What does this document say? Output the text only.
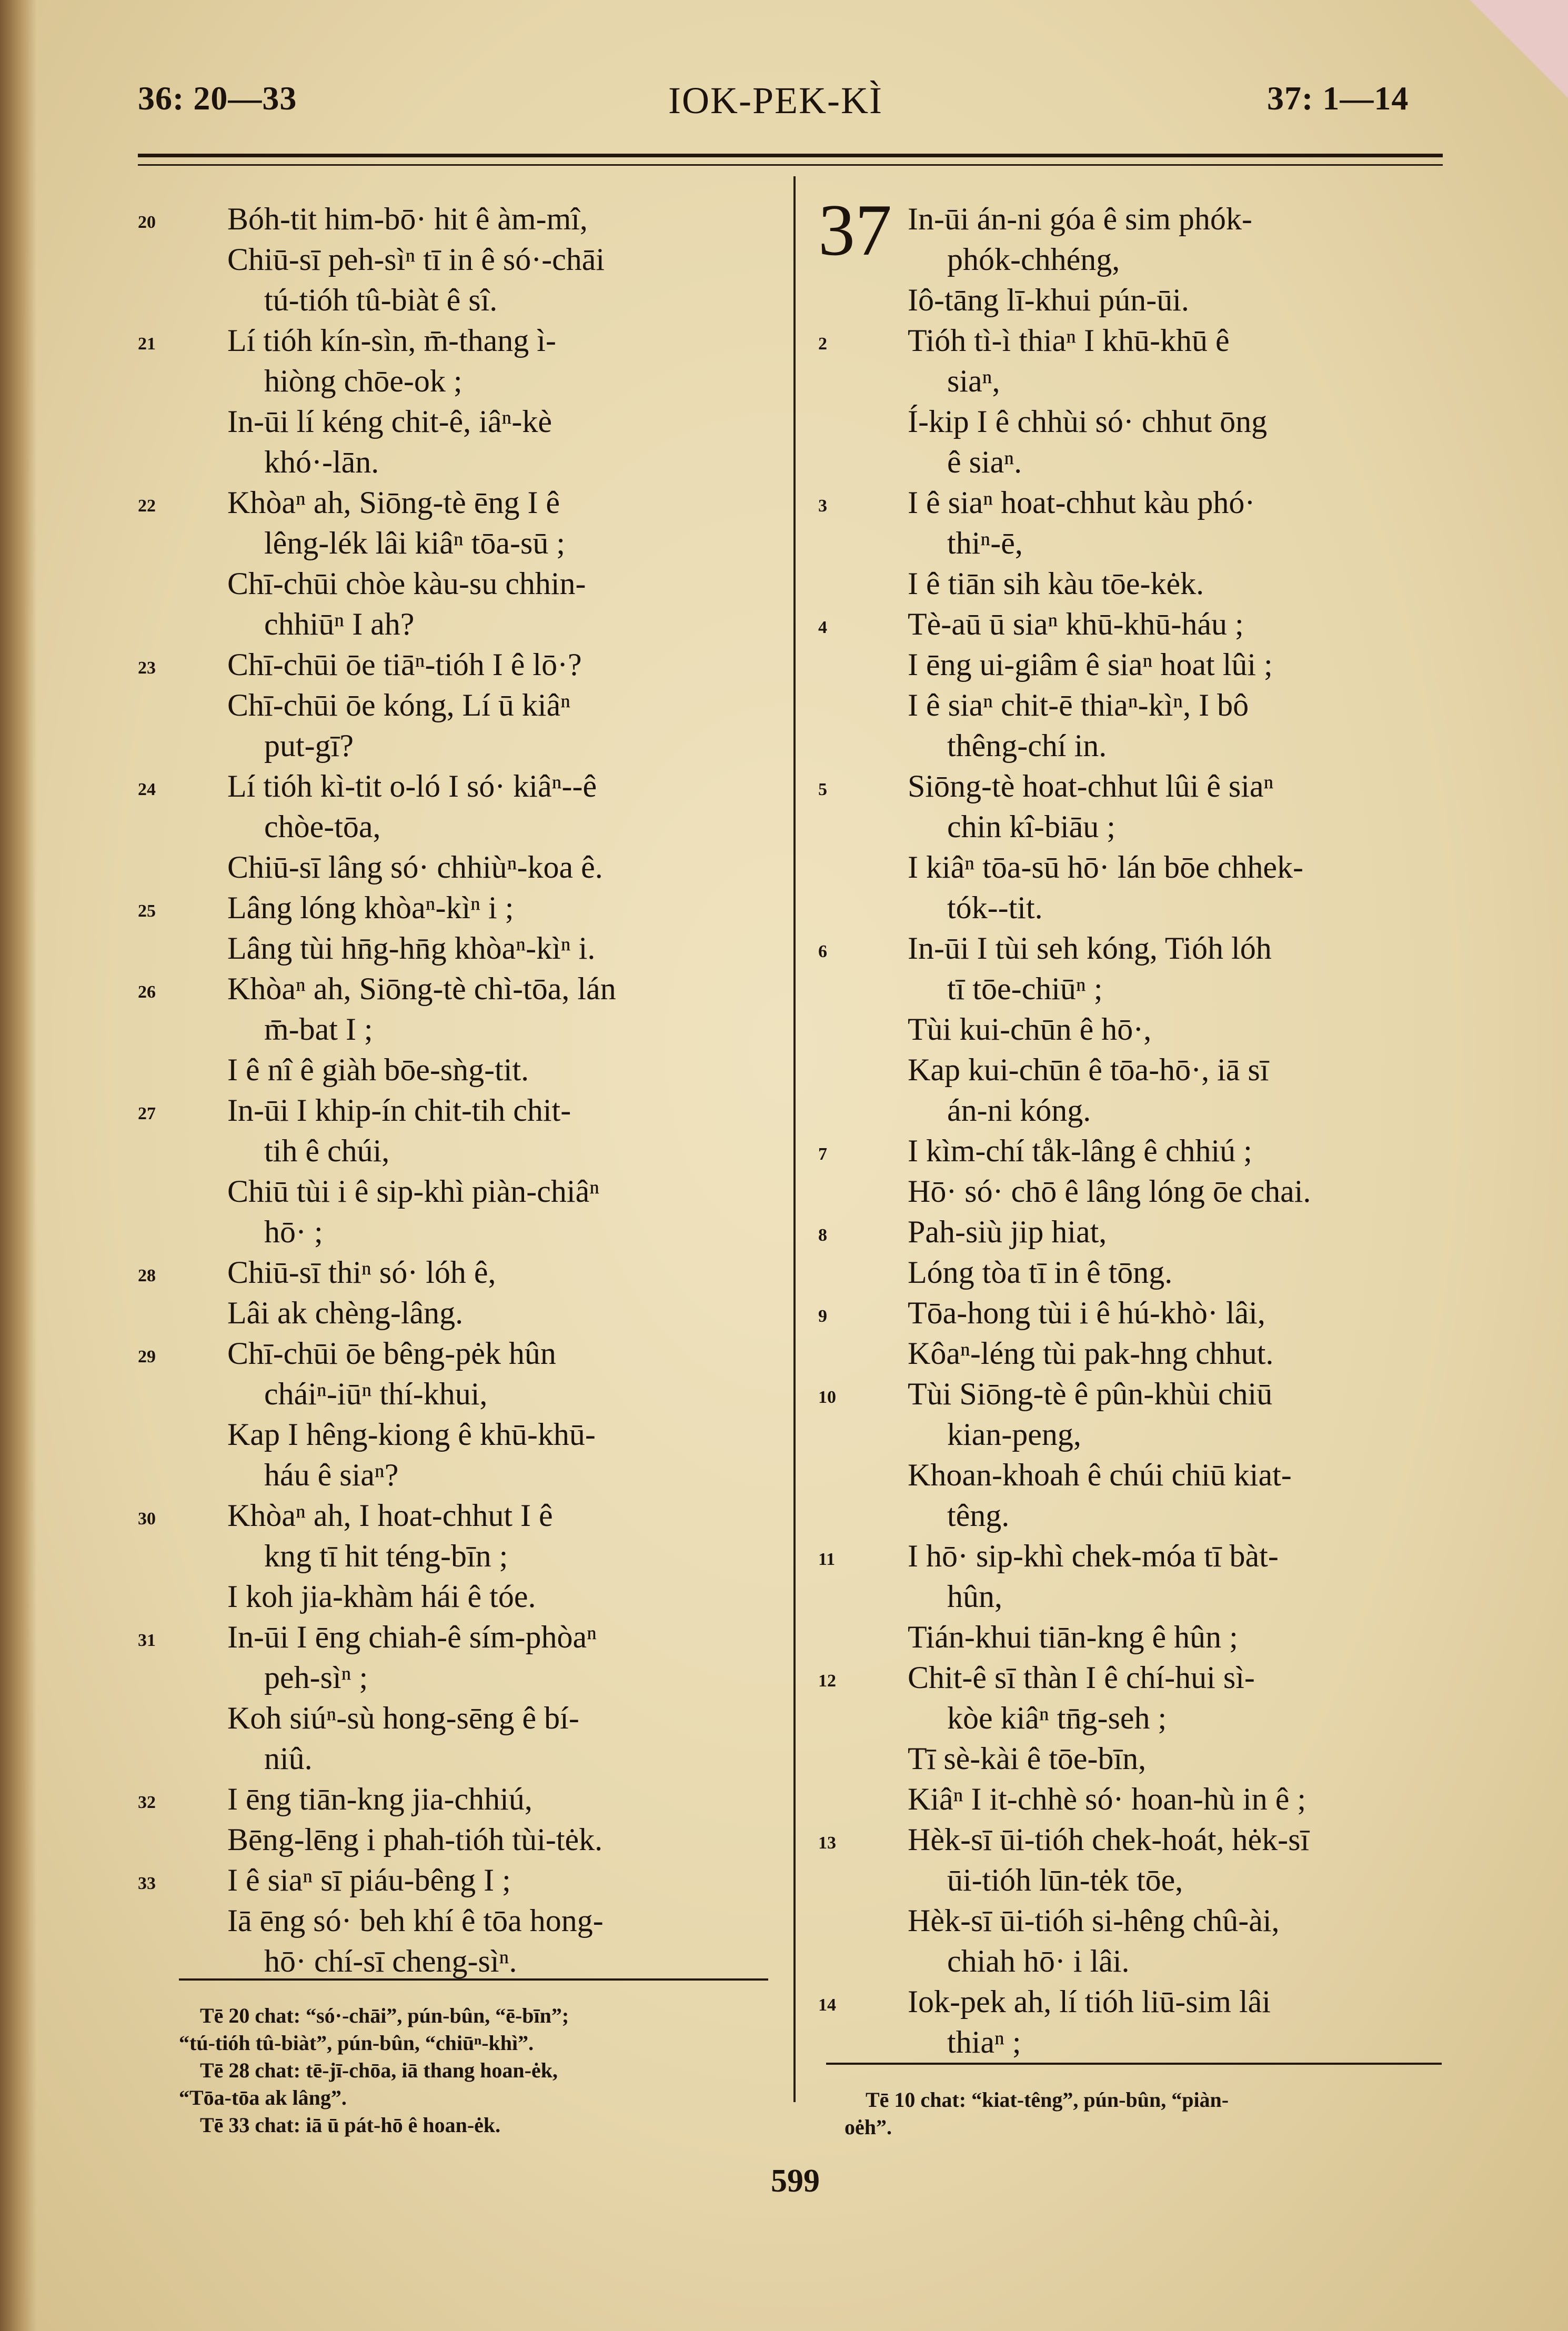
36: 20—33	IOK-PEK-KÌ	37: 1—14
20	Bóh-tit him-bō· hit ê àm-mî,
Chiū-sī peh-sìⁿ tī in ê só·-chāi
tú-tióh tû-biàt ê sî.
21	Lí tióh kín-sìn, m̄-thang ì-
hiòng chōe-ok ;
In-ūi lí kéng chit-ê, iâⁿ-kè
khó·-lān.
22	Khòaⁿ ah, Siōng-tè ēng I ê
lêng-lék lâi kiâⁿ tōa-sū ;
Chī-chūi chòe kàu-su chhin-
chhiūⁿ I ah?
23	Chī-chūi ōe tiāⁿ-tióh I ê lō·?
Chī-chūi ōe kóng, Lí ū kiâⁿ
put-gī?
24	Lí tióh kì-tit o-ló I só· kiâⁿ--ê
chòe-tōa,
Chiū-sī lâng só· chhiùⁿ-koa ê.
25	Lâng lóng khòaⁿ-kìⁿ i ;
Lâng tùi hn̄g-hn̄g khòaⁿ-kìⁿ i.
26	Khòaⁿ ah, Siōng-tè chì-tōa, lán
m̄-bat I ;
I ê nî ê giàh bōe-sǹg-tit.
27	In-ūi I khip-ín chit-tih chit-
tih ê chúi,
Chiū tùi i ê sip-khì piàn-chiâⁿ
hō· ;
28	Chiū-sī thiⁿ só· lóh ê,
Lâi ak chèng-lâng.
29	Chī-chūi ōe bêng-pėk hûn
cháiⁿ-iūⁿ thí-khui,
Kap I hêng-kiong ê khū-khū-
háu ê siaⁿ?
30	Khòaⁿ ah, I hoat-chhut I ê
kng tī hit téng-bīn ;
I koh jia-khàm hái ê tóe.
31	In-ūi I ēng chiah-ê sím-phòaⁿ
peh-sìⁿ ;
Koh siúⁿ-sù hong-sēng ê bí-
niû.
32	I ēng tiān-kng jia-chhiú,
Bēng-lēng i phah-tióh tùi-tėk.
33	I ê siaⁿ sī piáu-bêng I ;
Iā ēng só· beh khí ê tōa hong-
hō· chí-sī cheng-sìⁿ.
37 In-ūi án-ni góa ê sim phók-
phók-chhéng,
Iô-tāng lī-khui pún-ūi.
2	Tióh tì-ì thiaⁿ I khū-khū ê
siaⁿ,
Í-kip I ê chhùi só· chhut ōng
ê siaⁿ.
3	I ê siaⁿ hoat-chhut kàu phó·
thiⁿ-ē,
I ê tiān sih kàu tōe-kėk.
4	Tè-aū ū siaⁿ khū-khū-háu ;
I ēng ui-giâm ê siaⁿ hoat lûi ;
I ê siaⁿ chit-ē thiaⁿ-kìⁿ, I bô
thêng-chí in.
5	Siōng-tè hoat-chhut lûi ê siaⁿ
chin kî-biāu ;
I kiâⁿ tōa-sū hō· lán bōe chhek-
tók--tit.
6	In-ūi I tùi seh kóng, Tióh lóh
tī tōe-chiūⁿ ;
Tùi kui-chūn ê hō·,
Kap kui-chūn ê tōa-hō·, iā sī
án-ni kóng.
7	I kìm-chí tåk-lâng ê chhiú ;
Hō· só· chō ê lâng lóng ōe chai.
8	Pah-siù jip hiat,
Lóng tòa tī in ê tōng.
9	Tōa-hong tùi i ê hú-khò· lâi,
Kôaⁿ-léng tùi pak-hng chhut.
10	Tùi Siōng-tè ê pûn-khùi chiū
kian-peng,
Khoan-khoah ê chúi chiū kiat-
têng.
11	I hō· sip-khì chek-móa tī bàt-
hûn,
Tián-khui tiān-kng ê hûn ;
12	Chit-ê sī thàn I ê chí-hui sì-
kòe kiâⁿ tn̄g-seh ;
Tī sè-kài ê tōe-bīn,
Kiâⁿ I it-chhè só· hoan-hù in ê ;
13	Hèk-sī ūi-tióh chek-hoát, hėk-sī
ūi-tióh lūn-tėk tōe,
Hèk-sī ūi-tióh si-hêng chû-ài,
chiah hō· i lâi.
14	Iok-pek ah, lí tióh liū-sim lâi
thiaⁿ ;
Tē 20 chat: “só·-chāi”, pún-bûn, “ē-bīn”;
“tú-tióh tû-biàt”, pún-bûn, “chiūⁿ-khì”.
Tē 28 chat: tē-jī-chōa, iā thang hoan-ėk,
“Tōa-tōa ak lâng”.
Tē 33 chat: iā ū pát-hō ê hoan-ėk.
Tē 10 chat: “kiat-têng”, pún-bûn, “piàn-
oėh”.
599
